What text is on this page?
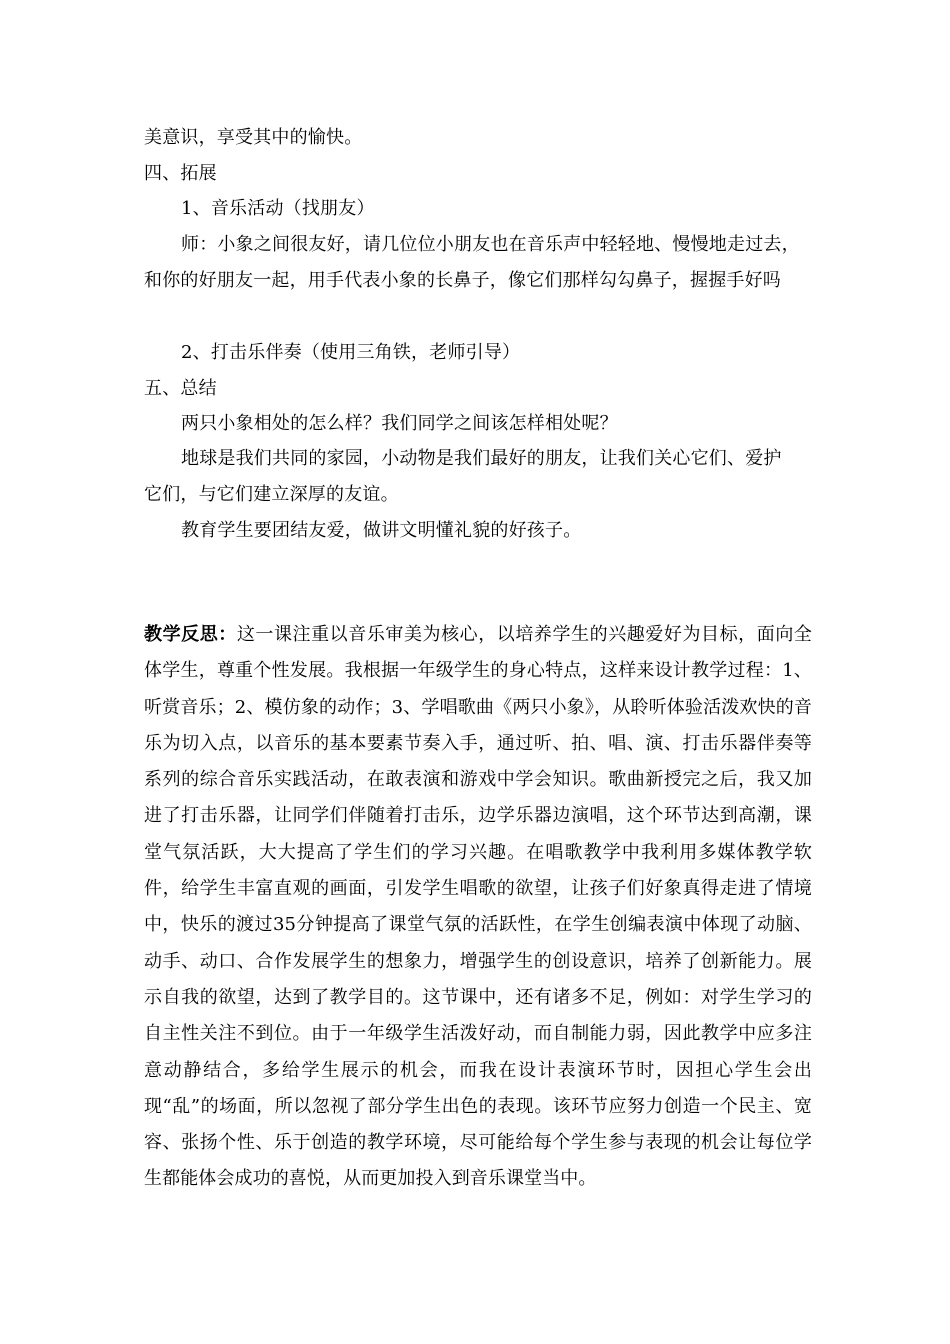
美意识，享受其中的愉快。
四、拓展
1、音乐活动（找朋友）
师：小象之间很友好，请几位位小朋友也在音乐声中轻轻地、慢慢地走过去，
和你的好朋友一起，用手代表小象的长鼻子，像它们那样勾勾鼻子，握握手好吗
2、打击乐伴奏（使用三角铁，老师引导）
五、总结
两只小象相处的怎么样？我们同学之间该怎样相处呢？
地球是我们共同的家园，小动物是我们最好的朋友，让我们关心它们、爱护
它们，与它们建立深厚的友谊。
教育学生要团结友爱，做讲文明懂礼貌的好孩子。
教学反思：这一课注重以音乐审美为核心，以培养学生的兴趣爱好为目标，面向全体学生，尊重个性发展。我根据一年级学生的身心特点，这样来设计教学过程：1、听赏音乐；2、模仿象的动作；3、学唱歌曲《两只小象》，从聆听体验活泼欢快的音乐为切入点，以音乐的基本要素节奏入手，通过听、拍、唱、演、打击乐器伴奏等系列的综合音乐实践活动，在敢表演和游戏中学会知识。歌曲新授完之后，我又加进了打击乐器，让同学们伴随着打击乐，边学乐器边演唱，这个环节达到高潮，课堂气氛活跃，大大提高了学生们的学习兴趣。在唱歌教学中我利用多媒体教学软件，给学生丰富直观的画面，引发学生唱歌的欲望，让孩子们好象真得走进了情境中，快乐的渡过35分钟提高了课堂气氛的活跃性，在学生创编表演中体现了动脑、动手、动口、合作发展学生的想象力，增强学生的创设意识，培养了创新能力。展示自我的欲望，达到了教学目的。这节课中，还有诸多不足，例如：对学生学习的自主性关注不到位。由于一年级学生活泼好动，而自制能力弱，因此教学中应多注意动静结合，多给学生展示的机会，而我在设计表演环节时，因担心学生会出现“乱”的场面，所以忽视了部分学生出色的表现。该环节应努力创造一个民主、宽容、张扬个性、乐于创造的教学环境，尽可能给每个学生参与表现的机会让每位学生都能体会成功的喜悦，从而更加投入到音乐课堂当中。
